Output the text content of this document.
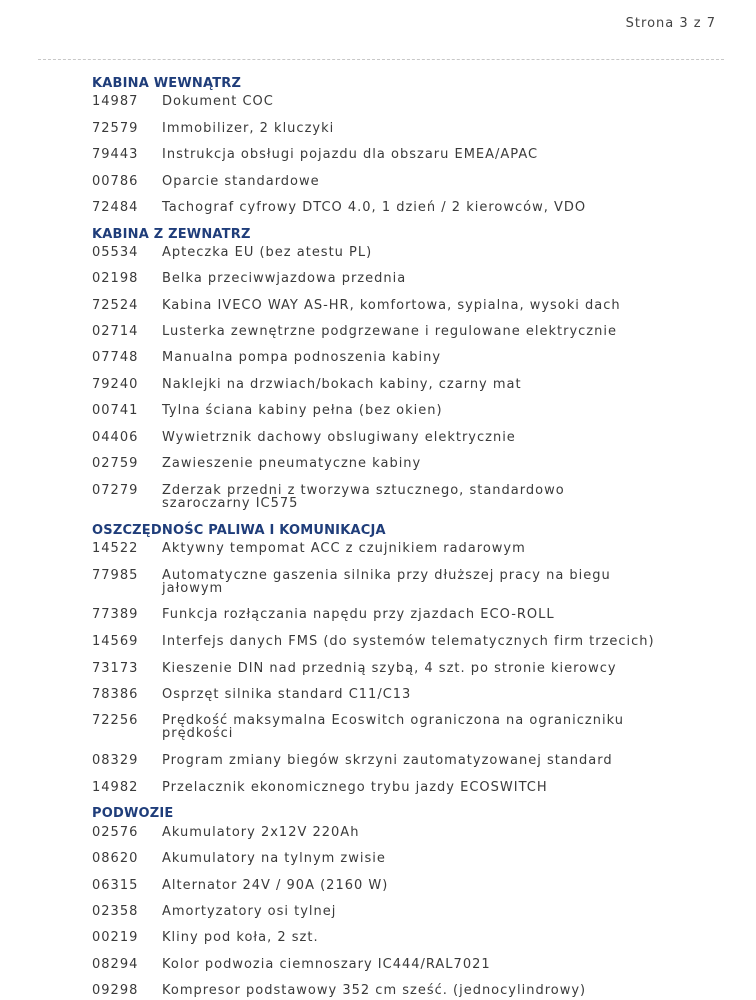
Strona 3 z 7
KABINA WEWNĄTRZ
14987	Dokument COC
72579	Immobilizer, 2 kluczyki
79443	Instrukcja obsługi pojazdu dla obszaru EMEA/APAC
00786	Oparcie standardowe
72484	Tachograf cyfrowy DTCO 4.0, 1 dzień / 2 kierowców, VDO
KABINA Z ZEWNATRZ
05534	Apteczka EU (bez atestu PL)
02198	Belka przeciwwjazdowa przednia
72524	Kabina IVECO WAY AS-HR, komfortowa, sypialna, wysoki dach
02714	Lusterka zewnętrzne podgrzewane i regulowane elektrycznie
07748	Manualna pompa podnoszenia kabiny
79240	Naklejki na drzwiach/bokach kabiny, czarny mat
00741	Tylna ściana kabiny pełna (bez okien)
04406	Wywietrznik dachowy obslugiwany elektrycznie
02759	Zawieszenie pneumatyczne kabiny
07279	Zderzak przedni z tworzywa sztucznego, standardowo
szaroczarny IC575
OSZCZĘDNOŚC PALIWA I KOMUNIKACJA
14522	Aktywny tempomat ACC z czujnikiem radarowym
77985	Automatyczne gaszenia silnika przy dłuższej pracy na biegu
jałowym
77389	Funkcja rozłączania napędu przy zjazdach ECO-ROLL
14569	Interfejs danych FMS (do systemów telematycznych firm trzecich)
73173	Kieszenie DIN nad przednią szybą, 4 szt. po stronie kierowcy
78386	Osprzęt silnika standard C11/C13
72256	Prędkość maksymalna Ecoswitch ograniczona na ograniczniku
prędkości
08329	Program zmiany biegów skrzyni zautomatyzowanej standard
14982	Przelacznik ekonomicznego trybu jazdy ECOSWITCH
PODWOZIE
02576	Akumulatory 2x12V 220Ah
08620	Akumulatory na tylnym zwisie
06315	Alternator 24V / 90A (2160 W)
02358	Amortyzatory osi tylnej
00219	Kliny pod koła, 2 szt.
08294	Kolor podwozia ciemnoszary IC444/RAL7021
09298	Kompresor podstawowy 352 cm sześć. (jednocylindrowy)
